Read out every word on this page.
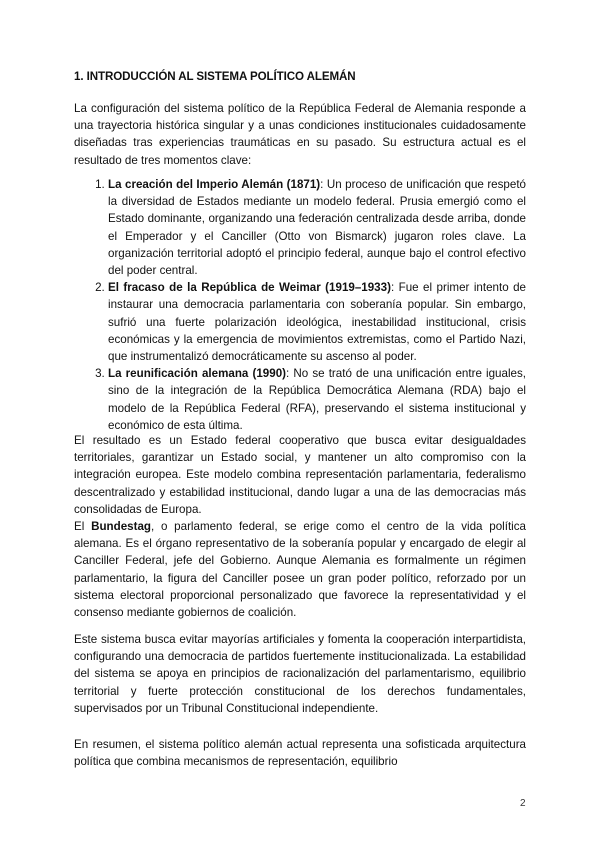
1. INTRODUCCIÓN AL SISTEMA POLÍTICO ALEMÁN

La configuración del sistema político de la República Federal de Alemania responde a una trayectoria histórica singular y a unas condiciones institucionales cuidadosamente diseñadas tras experiencias traumáticas en su pasado. Su estructura actual es el resultado de tres momentos clave:

1. La creación del Imperio Alemán (1871): Un proceso de unificación que respetó la diversidad de Estados mediante un modelo federal. Prusia emergió como el Estado dominante, organizando una federación centralizada desde arriba, donde el Emperador y el Canciller (Otto von Bismarck) jugaron roles clave. La organización territorial adoptó el principio federal, aunque bajo el control efectivo del poder central.
2. El fracaso de la República de Weimar (1919–1933): Fue el primer intento de instaurar una democracia parlamentaria con soberanía popular. Sin embargo, sufrió una fuerte polarización ideológica, inestabilidad institucional, crisis económicas y la emergencia de movimientos extremistas, como el Partido Nazi, que instrumentalizó democráticamente su ascenso al poder.
3. La reunificación alemana (1990): No se trató de una unificación entre iguales, sino de la integración de la República Democrática Alemana (RDA) bajo el modelo de la República Federal (RFA), preservando el sistema institucional y económico de esta última.

El resultado es un Estado federal cooperativo que busca evitar desigualdades territoriales, garantizar un Estado social, y mantener un alto compromiso con la integración europea. Este modelo combina representación parlamentaria, federalismo descentralizado y estabilidad institucional, dando lugar a una de las democracias más consolidadas de Europa.

El Bundestag, o parlamento federal, se erige como el centro de la vida política alemana. Es el órgano representativo de la soberanía popular y encargado de elegir al Canciller Federal, jefe del Gobierno. Aunque Alemania es formalmente un régimen parlamentario, la figura del Canciller posee un gran poder político, reforzado por un sistema electoral proporcional personalizado que favorece la representatividad y el consenso mediante gobiernos de coalición.

Este sistema busca evitar mayorías artificiales y fomenta la cooperación interpartidista, configurando una democracia de partidos fuertemente institucionalizada. La estabilidad del sistema se apoya en principios de racionalización del parlamentarismo, equilibrio territorial y fuerte protección constitucional de los derechos fundamentales, supervisados por un Tribunal Constitucional independiente.

En resumen, el sistema político alemán actual representa una sofisticada arquitectura política que combina mecanismos de representación, equilibrio

2
